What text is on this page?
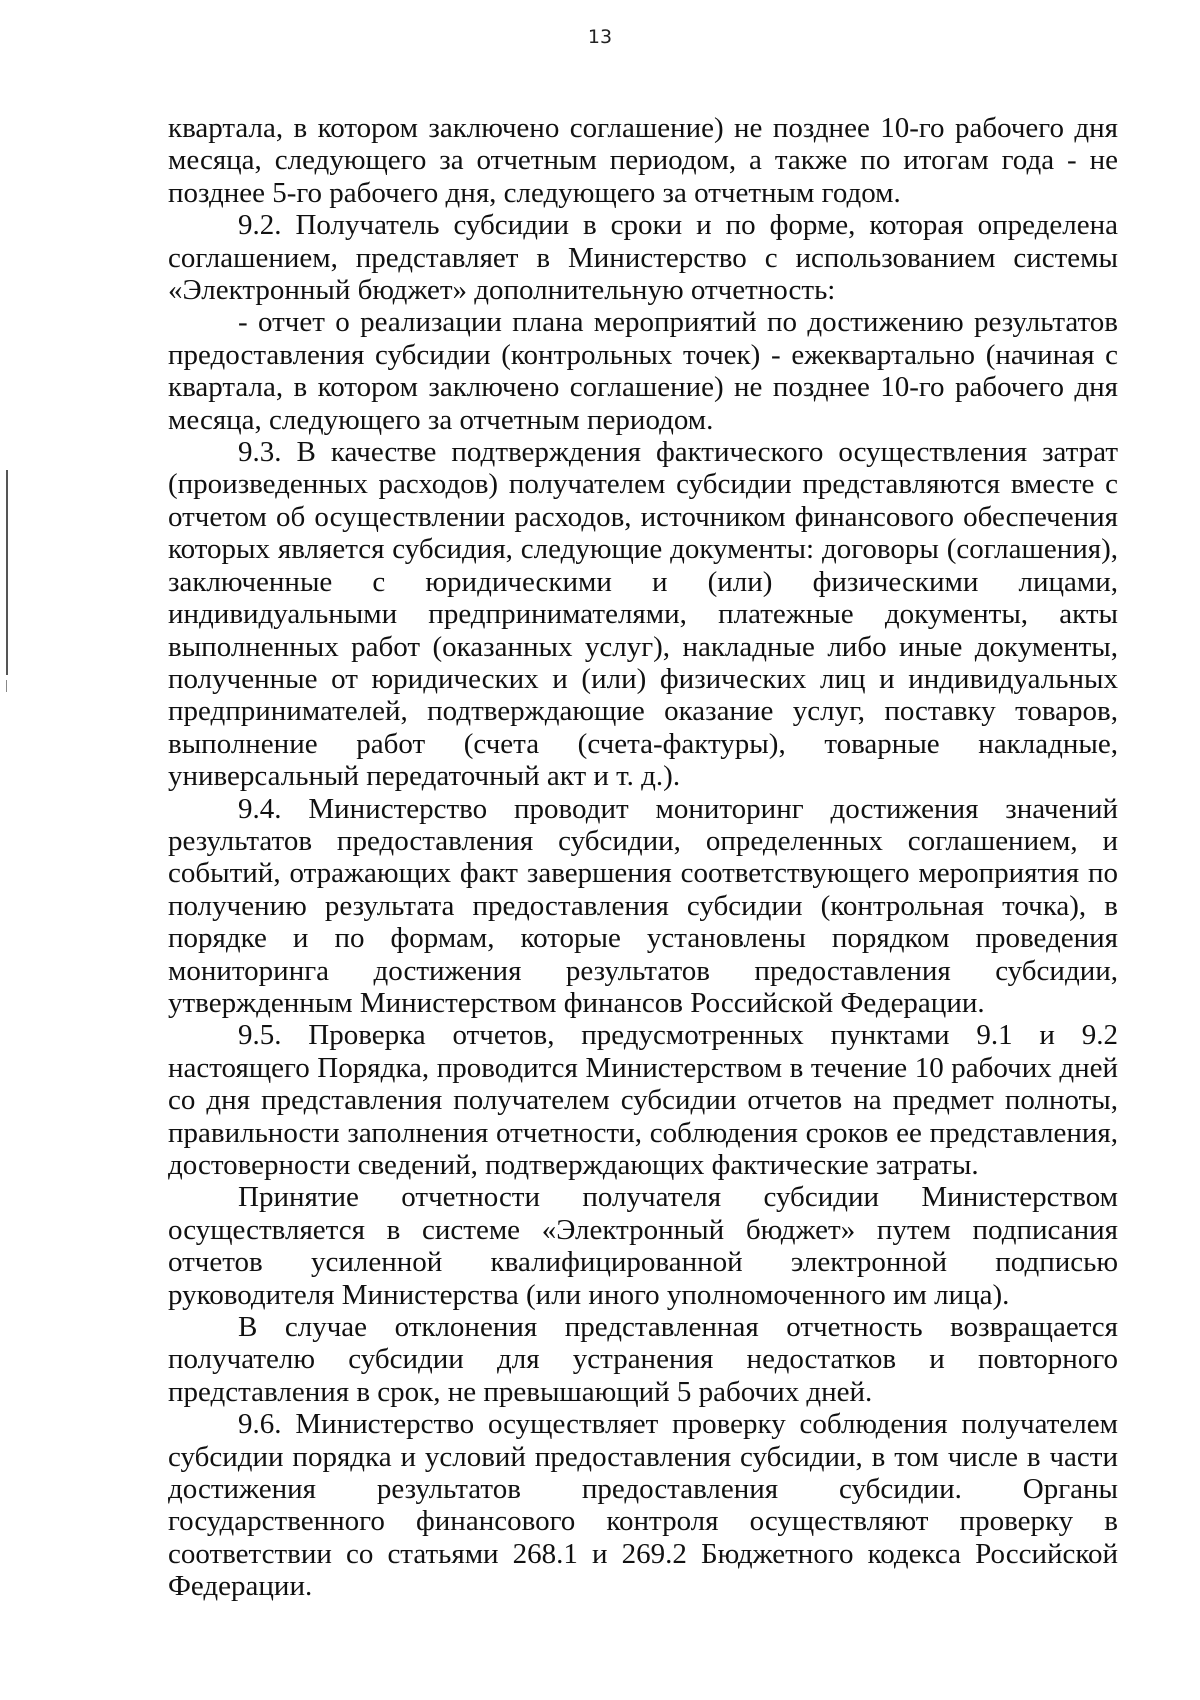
13

квартала, в котором заключено соглашение) не позднее 10-го рабочего дня месяца, следующего за отчетным периодом, а также по итогам года - не позднее 5-го рабочего дня, следующего за отчетным годом.

9.2. Получатель субсидии в сроки и по форме, которая определена соглашением, представляет в Министерство с использованием системы «Электронный бюджет» дополнительную отчетность:

- отчет о реализации плана мероприятий по достижению результатов предоставления субсидии (контрольных точек) - ежеквартально (начиная с квартала, в котором заключено соглашение) не позднее 10-го рабочего дня месяца, следующего за отчетным периодом.

9.3. В качестве подтверждения фактического осуществления затрат (произведенных расходов) получателем субсидии представляются вместе с отчетом об осуществлении расходов, источником финансового обеспечения которых является субсидия, следующие документы: договоры (соглашения), заключенные с юридическими и (или) физическими лицами, индивидуальными предпринимателями, платежные документы, акты выполненных работ (оказанных услуг), накладные либо иные документы, полученные от юридических и (или) физических лиц и индивидуальных предпринимателей, подтверждающие оказание услуг, поставку товаров, выполнение работ (счета (счета-фактуры), товарные накладные, универсальный передаточный акт и т. д.).

9.4. Министерство проводит мониторинг достижения значений результатов предоставления субсидии, определенных соглашением, и событий, отражающих факт завершения соответствующего мероприятия по получению результата предоставления субсидии (контрольная точка), в порядке и по формам, которые установлены порядком проведения мониторинга достижения результатов предоставления субсидии, утвержденным Министерством финансов Российской Федерации.

9.5. Проверка отчетов, предусмотренных пунктами 9.1 и 9.2 настоящего Порядка, проводится Министерством в течение 10 рабочих дней со дня представления получателем субсидии отчетов на предмет полноты, правильности заполнения отчетности, соблюдения сроков ее представления, достоверности сведений, подтверждающих фактические затраты.

Принятие отчетности получателя субсидии Министерством осуществляется в системе «Электронный бюджет» путем подписания отчетов усиленной квалифицированной электронной подписью руководителя Министерства (или иного уполномоченного им лица).

В случае отклонения представленная отчетность возвращается получателю субсидии для устранения недостатков и повторного представления в срок, не превышающий 5 рабочих дней.

9.6. Министерство осуществляет проверку соблюдения получателем субсидии порядка и условий предоставления субсидии, в том числе в части достижения результатов предоставления субсидии. Органы государственного финансового контроля осуществляют проверку в соответствии со статьями 268.1 и 269.2 Бюджетного кодекса Российской Федерации.
